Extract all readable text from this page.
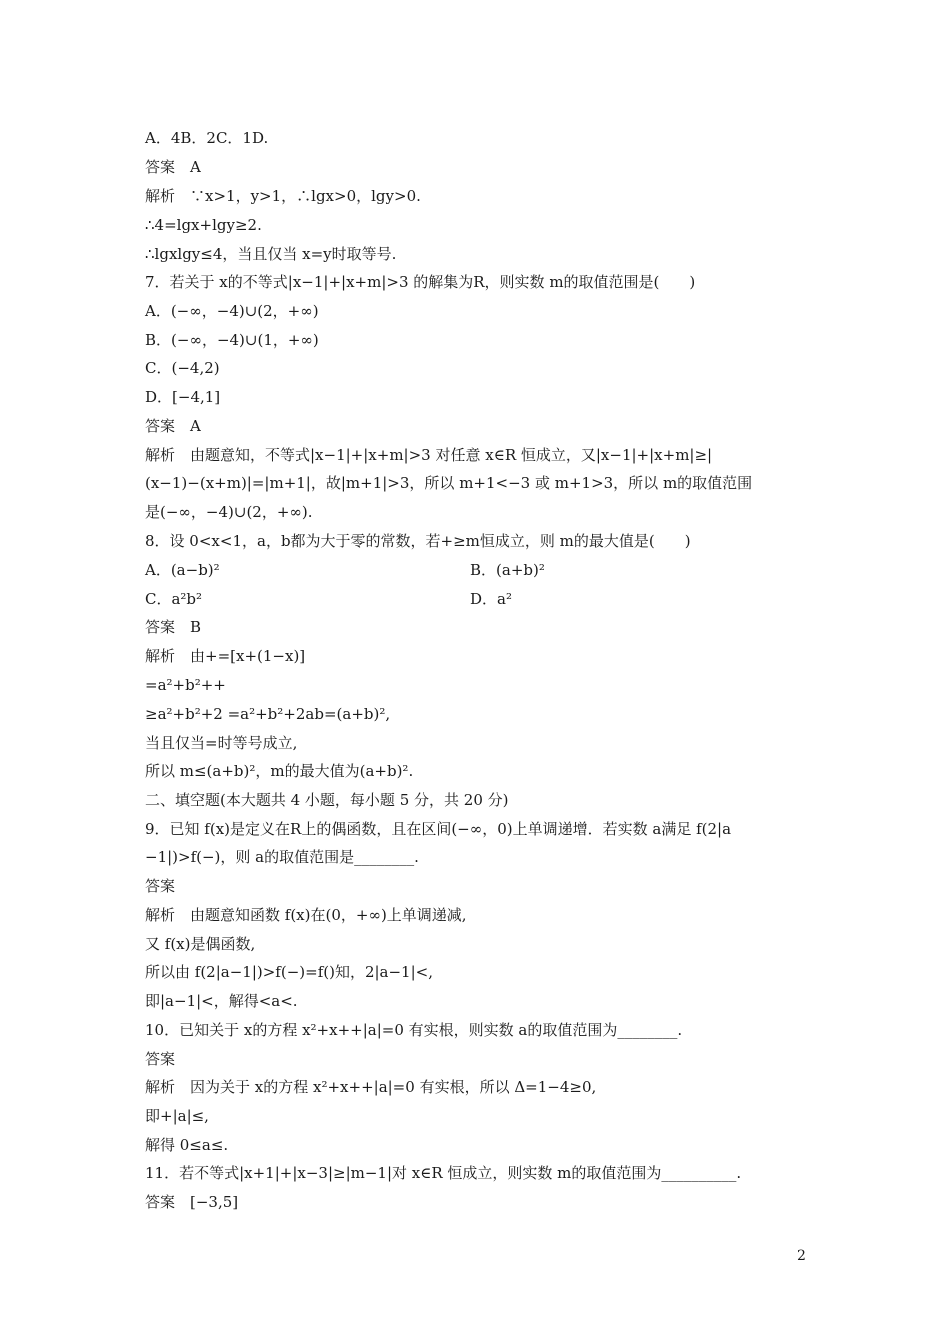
A．4B．2C．1D.
答案　A
解析　∵x>1，y>1，∴lgx>0，lgy>0.
∴4=lgx+lgy≥2.
∴lgxlgy≤4，当且仅当 x=y时取等号.
7．若关于 x的不等式|x−1|+|x+m|>3 的解集为R，则实数 m的取值范围是(　　)
A．(−∞，−4)∪(2，+∞)
B．(−∞，−4)∪(1，+∞)
C．(−4,2)
D．[−4,1]
答案　A
解析　由题意知，不等式|x−1|+|x+m|>3 对任意 x∈R 恒成立，又|x−1|+|x+m|≥|
(x−1)−(x+m)|=|m+1|，故|m+1|>3，所以 m+1<−3 或 m+1>3，所以 m的取值范围
是(−∞，−4)∪(2，+∞).
8．设 0<x<1，a，b都为大于零的常数，若+≥m恒成立，则 m的最大值是(　　)
A．(a−b)²	B．(a+b)²
C．a²b²	D．a²
答案　B
解析　由+=[x+(1−x)]
=a²+b²++
≥a²+b²+2 =a²+b²+2ab=(a+b)²,
当且仅当=时等号成立,
所以 m≤(a+b)²，m的最大值为(a+b)².
二、填空题(本大题共 4 小题，每小题 5 分，共 20 分)
9．已知 f(x)是定义在R上的偶函数，且在区间(−∞，0)上单调递增．若实数 a满足 f(2|a
−1|)>f(−)，则 a的取值范围是________.
答案
解析　由题意知函数 f(x)在(0，+∞)上单调递减,
又 f(x)是偶函数,
所以由 f(2|a−1|)>f(−)=f()知，2|a−1|<,
即|a−1|<，解得<a<.
10．已知关于 x的方程 x²+x++|a|=0 有实根，则实数 a的取值范围为________.
答案
解析　因为关于 x的方程 x²+x++|a|=0 有实根，所以 Δ=1−4≥0,
即+|a|≤,
解得 0≤a≤.
11．若不等式|x+1|+|x−3|≥|m−1|对 x∈R 恒成立，则实数 m的取值范围为__________.
答案　[−3,5]
2
